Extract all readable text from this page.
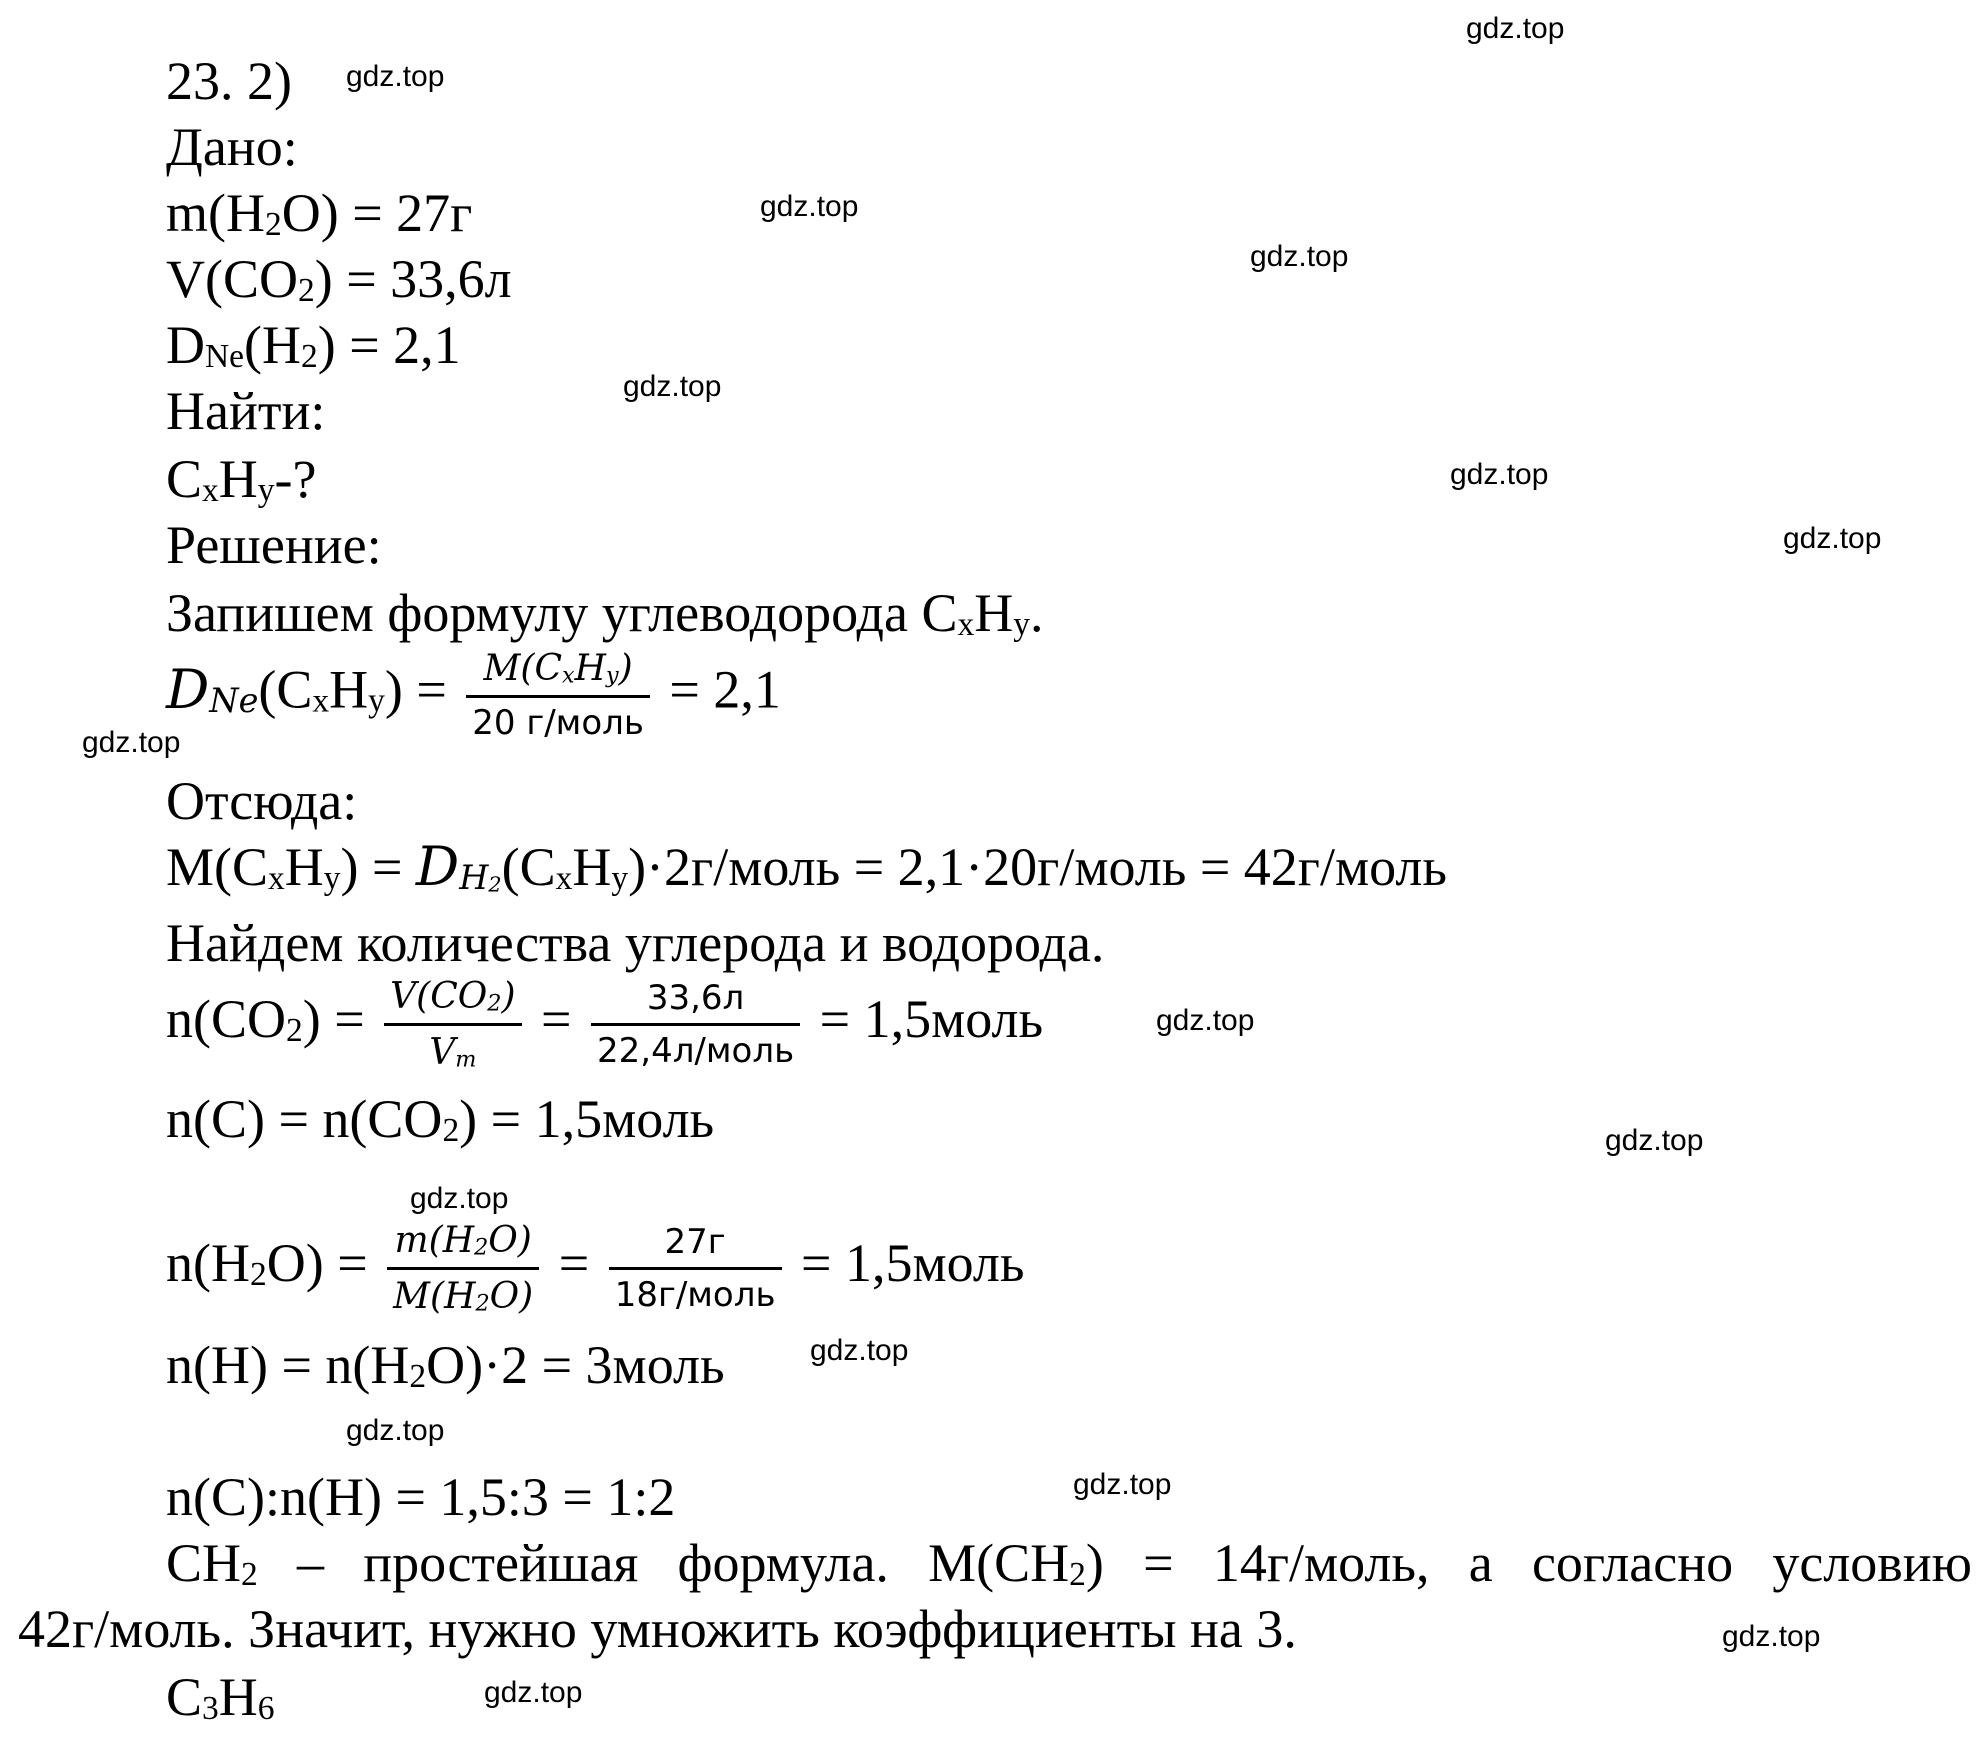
gdz.top
gdz.top
gdz.top
gdz.top
gdz.top
gdz.top
gdz.top
gdz.top
gdz.top
gdz.top
gdz.top
gdz.top
gdz.top
gdz.top
gdz.top
gdz.top
23. 2)
Дано:
$m(H_2O) = 27г$
$V(CO_2) = 33,6л$
$D_{Ne}(H_2) = 2,1$
Найти:
$C_xH_y-$?
Решение:
Запишем формулу углеводорода $C_xH_y$.
$D_{Ne}(C_xH_y) = \frac{M(C_xH_y)}{\text{20 г/моль}} = 2,1$
Отсюда:
$M(C_xH_y)$ = $D_{H_2}(C_xH_y)\cdot 2г$/моль = 2,1·20г/моль = 42г/моль
Найдем количества углерода и водорода.
$n(CO_2) = \frac{V(CO_2)}{V_m} = \frac{33,6л}{\text{22,4л/моль}}$ = 1,5моль
$n(C) = n(CO_2)$ = 1,5моль
$n(H_2O) = \frac{m(H_2O)}{M(H_2O)} = \frac{27г}{\text{18г/моль}}$ = 1,5моль
$n(H) = n(H_2O)\cdot 2$ = 3моль
n(C):n(H) = 1,5:3 = 1:2
$CH_2$ – простейшая формула. $M(CH_2)$ = 14г/моль, а согласно условию
42г/моль. Значит, нужно умножить коэффициенты на 3.
$C_3H_6$
